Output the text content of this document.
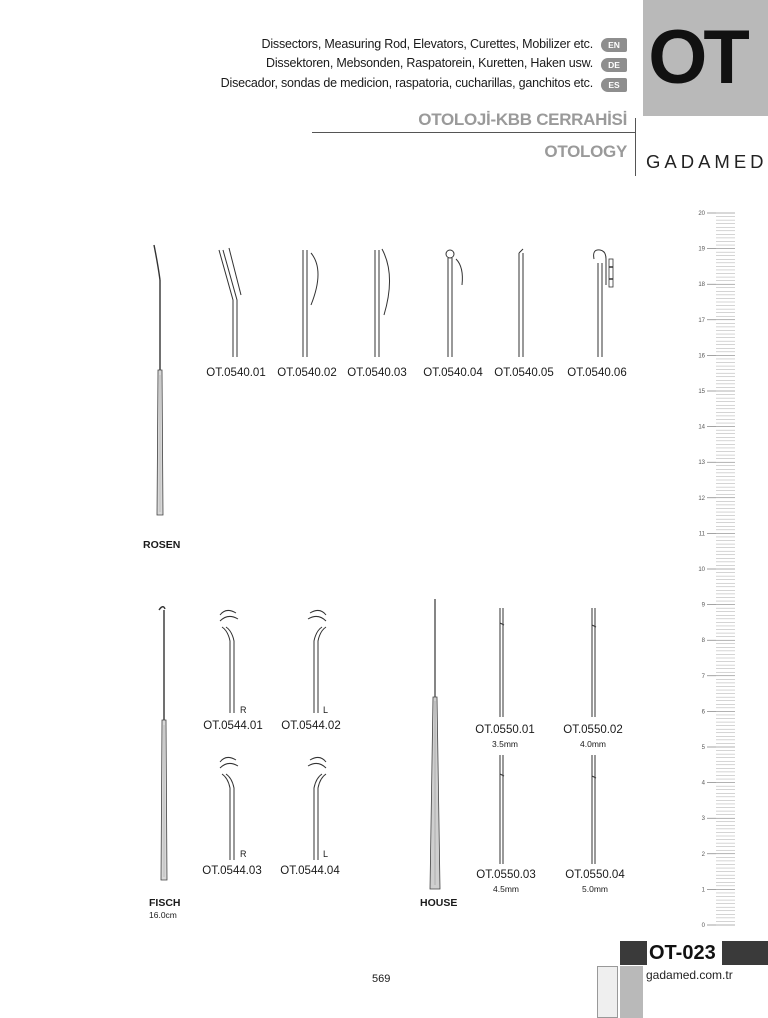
Dissectors, Measuring Rod, Elevators, Curettes, Mobilizer etc.	EN
Dissektoren, Mebsonden, Raspatorein, Kuretten, Haken usw.	DE
Disecador, sondas de medicion, raspatoria, cucharillas, ganchitos etc.	ES OT
OTOLOJİ-KBB CERRAHİSİ
OTOLOGY GADAMED
20
19
18
17
16
15
14
13
12
11
10
9
8
7
6
5
4
3
2
1
0
ROSEN
OT.0540.01 OT.0540.02 OT.0540.03 OT.0540.04 OT.0540.05 OT.0540.06
FISCH
16.0cm
R	L
OT.0544.01 OT.0544.02
R	L
OT.0544.03 OT.0544.04
HOUSE
OT.0550.01
3.5mm
OT.0550.02
4.0mm
OT.0550.03
4.5mm
OT.0550.04
5.0mm
OT-023
gadamed.com.tr
569
